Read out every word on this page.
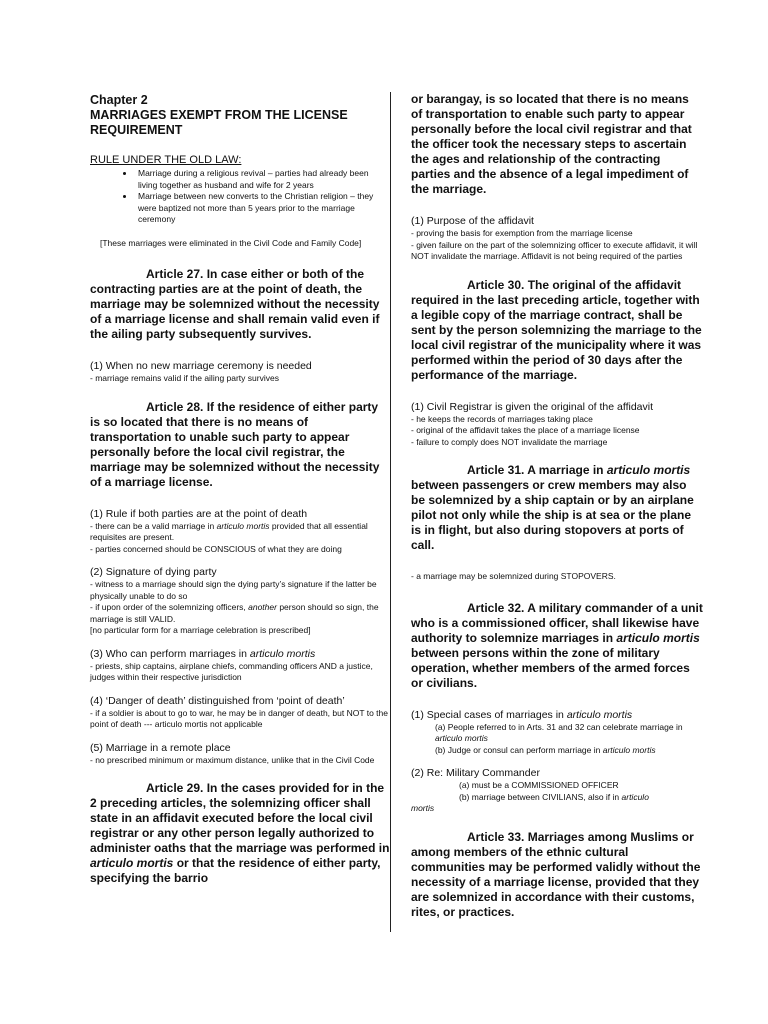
Chapter 2

MARRIAGES EXEMPT FROM THE LICENSE

REQUIREMENT

RULE UNDER THE OLD LAW:

• Marriage during a religious revival – parties had already been living together as husband and wife for 2 years
• Marriage between new converts to the Christian religion – they were baptized not more than 5 years prior to the marriage ceremony

[These marriages were eliminated in the Civil Code and Family Code]

Article 27. In case either or both of the contracting parties are at the point of death, the marriage may be solemnized without the necessity of a marriage license and shall remain valid even if the ailing party subsequently survives.

(1) When no new marriage ceremony is needed

- marriage remains valid if the ailing party survives

Article 28. If the residence of either party is so located that there is no means of transportation to unable such party to appear personally before the local civil registrar, the marriage may be solemnized without the necessity of a marriage license.

(1) Rule if both parties are at the point of death

- there can be a valid marriage in articulo mortis provided that all essential requisites are present.

- parties concerned should be CONSCIOUS of what they are doing

(2) Signature of dying party

- witness to a marriage should sign the dying party’s signature if the latter be physically unable to do so

- if upon order of the solemnizing officers, another person should so sign, the marriage is still VALID.

[no particular form for a marriage celebration is prescribed]

(3) Who can perform marriages in articulo mortis

- priests, ship captains, airplane chiefs, commanding officers AND a justice, judges within their respective jurisdiction

(4) ‘Danger of death’ distinguished from ‘point of death’

- if a soldier is about to go to war, he may be in danger of death, but NOT to the point of death --- articulo mortis not applicable

(5) Marriage in a remote place

- no prescribed minimum or maximum distance, unlike that in the Civil Code

Article 29. In the cases provided for in the 2 preceding articles, the solemnizing officer shall state in an affidavit executed before the local civil registrar or any other person legally authorized to administer oaths that the marriage was performed in articulo mortis or that the residence of either party, specifying the barrio

or barangay, is so located that there is no means of transportation to enable such party to appear personally before the local civil registrar and that the officer took the necessary steps to ascertain the ages and relationship of the contracting parties and the absence of a legal impediment of the marriage.

(1) Purpose of the affidavit

- proving the basis for exemption from the marriage license

- given failure on the part of the solemnizing officer to execute affidavit, it will NOT invalidate the marriage. Affidavit is not being required of the parties

Article 30. The original of the affidavit required in the last preceding article, together with a legible copy of the marriage contract, shall be sent by the person solemnizing the marriage to the local civil registrar of the municipality where it was performed within the period of 30 days after the performance of the marriage.

(1) Civil Registrar is given the original of the affidavit

- he keeps the records of marriages taking place

- original of the affidavit takes the place of a marriage license

- failure to comply does NOT invalidate the marriage

Article 31. A marriage in articulo mortis between passengers or crew members may also be solemnized by a ship captain or by an airplane pilot not only while the ship is at sea or the plane is in flight, but also during stopovers at ports of call.

- a marriage may be solemnized during STOPOVERS.

Article 32. A military commander of a unit who is a commissioned officer, shall likewise have authority to solemnize marriages in articulo mortis between persons within the zone of military operation, whether members of the armed forces or civilians.

(1) Special cases of marriages in articulo mortis

(a) People referred to in Arts. 31 and 32 can celebrate marriage in articulo mortis

(b) Judge or consul can perform marriage in articulo mortis

(2) Re: Military Commander

(a) must be a COMMISSIONED OFFICER

(b) marriage between CIVILIANS, also if in articulo

mortis

Article 33. Marriages among Muslims or among members of the ethnic cultural communities may be performed validly without the necessity of a marriage license, provided that they are solemnized in accordance with their customs, rites, or practices.
